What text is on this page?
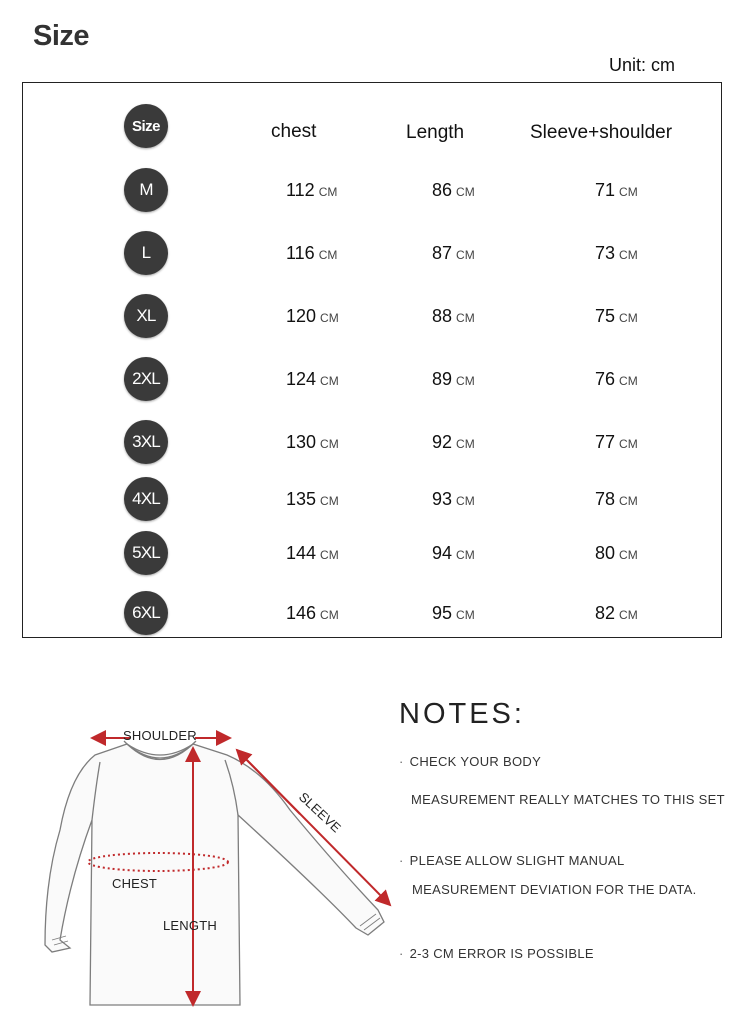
Size
Unit: cm
Size	chest	Length	Sleeve+shoulder
M	112 CM	86 CM	71 CM
L	116 CM	87 CM	73 CM
XL	120 CM	88 CM	75 CM
2XL	124 CM	89 CM	76 CM
3XL	130 CM	92 CM	77 CM
4XL	135 CM	93 CM	78 CM
5XL	144 CM	94 CM	80 CM
6XL	146 CM	95 CM	82 CM
SHOULDER
SLEEVE
LENGTH
CHEST
NOTES:
· CHECK YOUR BODY
MEASUREMENT REALLY MATCHES TO THIS SET
· PLEASE ALLOW SLIGHT MANUAL
MEASUREMENT DEVIATION FOR THE DATA.
· 2-3 CM ERROR IS POSSIBLE
